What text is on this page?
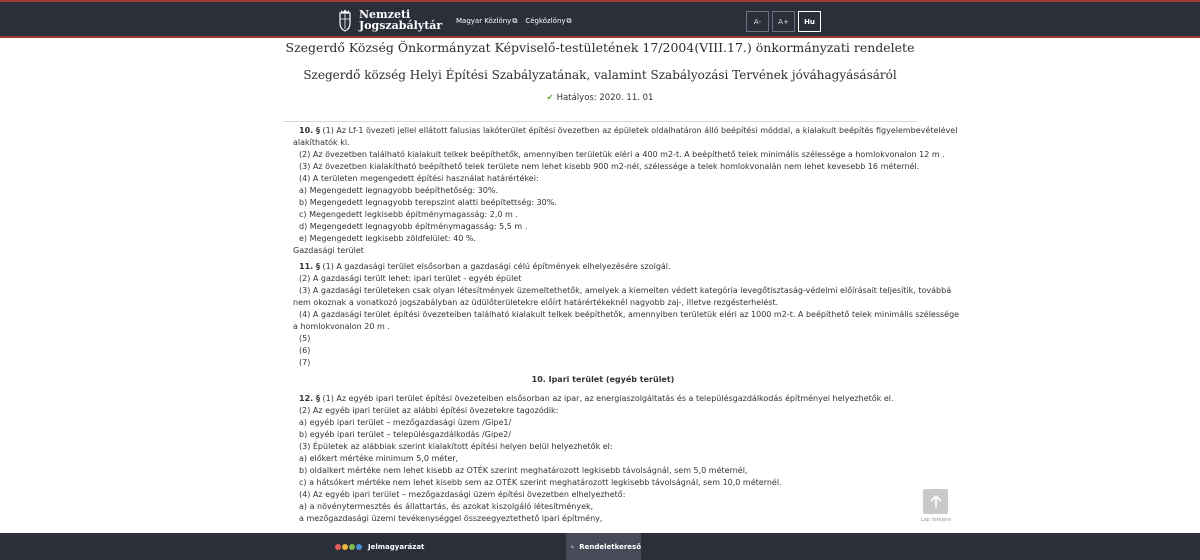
Nemzeti
Jogszabálytár Magyar Közlöny⧉ Cégközlöny⧉	A-	A+	Hu
Szegerdő Község Önkormányzat Képviselő-testületének 17/2004(VIII.17.) önkormányzati rendelete
Szegerdő község Helyi Építési Szabályzatának, valamint Szabályozási Tervének jóváhagyásásáról
✔ Hatályos: 2020. 11. 01
10. § (1) Az Lf-1 övezeti jellel ellátott falusias lakóterület építési övezetben az épületek oldalhatáron álló beépítési móddal, a kialakult beépítés figyelembevételével
alakíthatók ki.
(2) Az övezetben található kialakult telkek beépíthetők, amennyiben területük eléri a 400 m2-t. A beépíthető telek minimális szélessége a homlokvonalon 12 m .
(3) Az övezetben kialakítható beépíthető telek területe nem lehet kisebb 900 m2-nél, szélessége a telek homlokvonalán nem lehet kevesebb 16 méternél.
(4) A területen megengedett építési használat határértékei:
a) Megengedett legnagyobb beépíthetőség: 30%.
b) Megengedett legnagyobb terepszint alatti beépítettség: 30%.
c) Megengedett legkisebb építménymagasság: 2,0 m .
d) Megengedett legnagyobb építménymagasság: 5,5 m .
e) Megengedett legkisebb zöldfelület: 40 %.
Gazdasági terület
11. § (1) A gazdasági terület elsősorban a gazdasági célú építmények elhelyezésére szolgál.
(2) A gazdasági terült lehet: ipari terület - egyéb épület
(3) A gazdasági területeken csak olyan létesítmények üzemeltethetők, amelyek a kiemelten védett kategória levegőtisztaság-védelmi előírásait teljesítik, továbbá
nem okoznak a vonatkozó jogszabályban az üdülőterületekre előírt határértékeknél nagyobb zaj-, illetve rezgésterhelést.
(4) A gazdasági terület építési övezeteiben található kialakult telkek beépíthetők, amennyiben területük eléri az 1000 m2-t. A beépíthető telek minimális szélessége
a homlokvonalon 20 m .
(5)
(6)
(7)
10. Ipari terület (egyéb terület)
12. § (1) Az egyéb ipari terület építési övezeteiben elsősorban az ipar, az energiaszolgáltatás és a településgazdálkodás építményei helyezhetők el.
(2) Az egyéb ipari terület az alábbi építési övezetekre tagozódik:
a) egyéb ipari terület – mezőgazdasági üzem /Gipe1/
b) egyéb ipari terület – településgazdálkodás /Gipe2/
(3) Épületek az alábbiak szerint kialakított építési helyen belül helyezhetők el:
a) előkert mértéke minimum 5,0 méter,
b) oldalkert mértéke nem lehet kisebb az OTÉK szerint meghatározott legkisebb távolságnál, sem 5,0 méternél,
c) a hátsókert mértéke nem lehet kisebb sem az OTÉK szerint meghatározott legkisebb távolságnál, sem 10,0 méternél.
(4) Az egyéb ipari terület – mezőgazdasági üzem építési övezetben elhelyezhető:
a) a növénytermesztés és állattartás, és azokat kiszolgáló létesítmények,
a mezőgazdasági üzemi tevékenységgel összeegyeztethető ipari építmény,	Lap tetejére
Jelmagyarázat	Rendeletkereső
